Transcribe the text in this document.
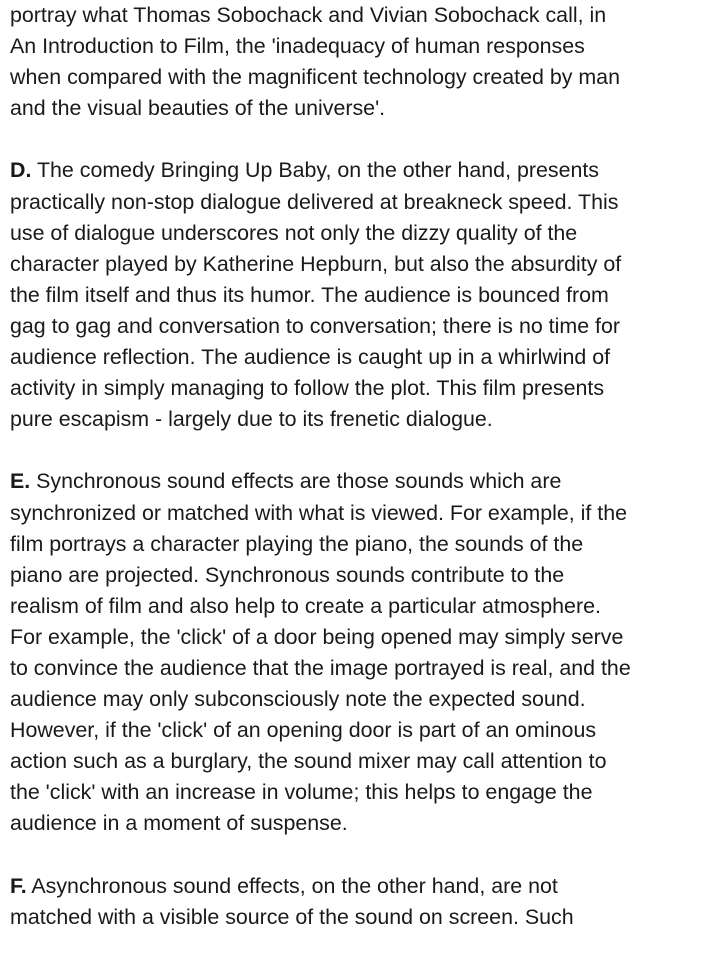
portray what Thomas Sobochack and Vivian Sobochack call, in
An Introduction to Film, the 'inadequacy of human responses
when compared with the magnificent technology created by man
and the visual beauties of the universe'.
D. The comedy Bringing Up Baby, on the other hand, presents
practically non-stop dialogue delivered at breakneck speed. This
use of dialogue underscores not only the dizzy quality of the
character played by Katherine Hepburn, but also the absurdity of
the film itself and thus its humor. The audience is bounced from
gag to gag and conversation to conversation; there is no time for
audience reflection. The audience is caught up in a whirlwind of
activity in simply managing to follow the plot. This film presents
pure escapism - largely due to its frenetic dialogue.
E. Synchronous sound effects are those sounds which are
synchronized or matched with what is viewed. For example, if the
film portrays a character playing the piano, the sounds of the
piano are projected. Synchronous sounds contribute to the
realism of film and also help to create a particular atmosphere.
For example, the 'click' of a door being opened may simply serve
to convince the audience that the image portrayed is real, and the
audience may only subconsciously note the expected sound.
However, if the 'click' of an opening door is part of an ominous
action such as a burglary, the sound mixer may call attention to
the 'click' with an increase in volume; this helps to engage the
audience in a moment of suspense.
F. Asynchronous sound effects, on the other hand, are not
matched with a visible source of the sound on screen. Such
